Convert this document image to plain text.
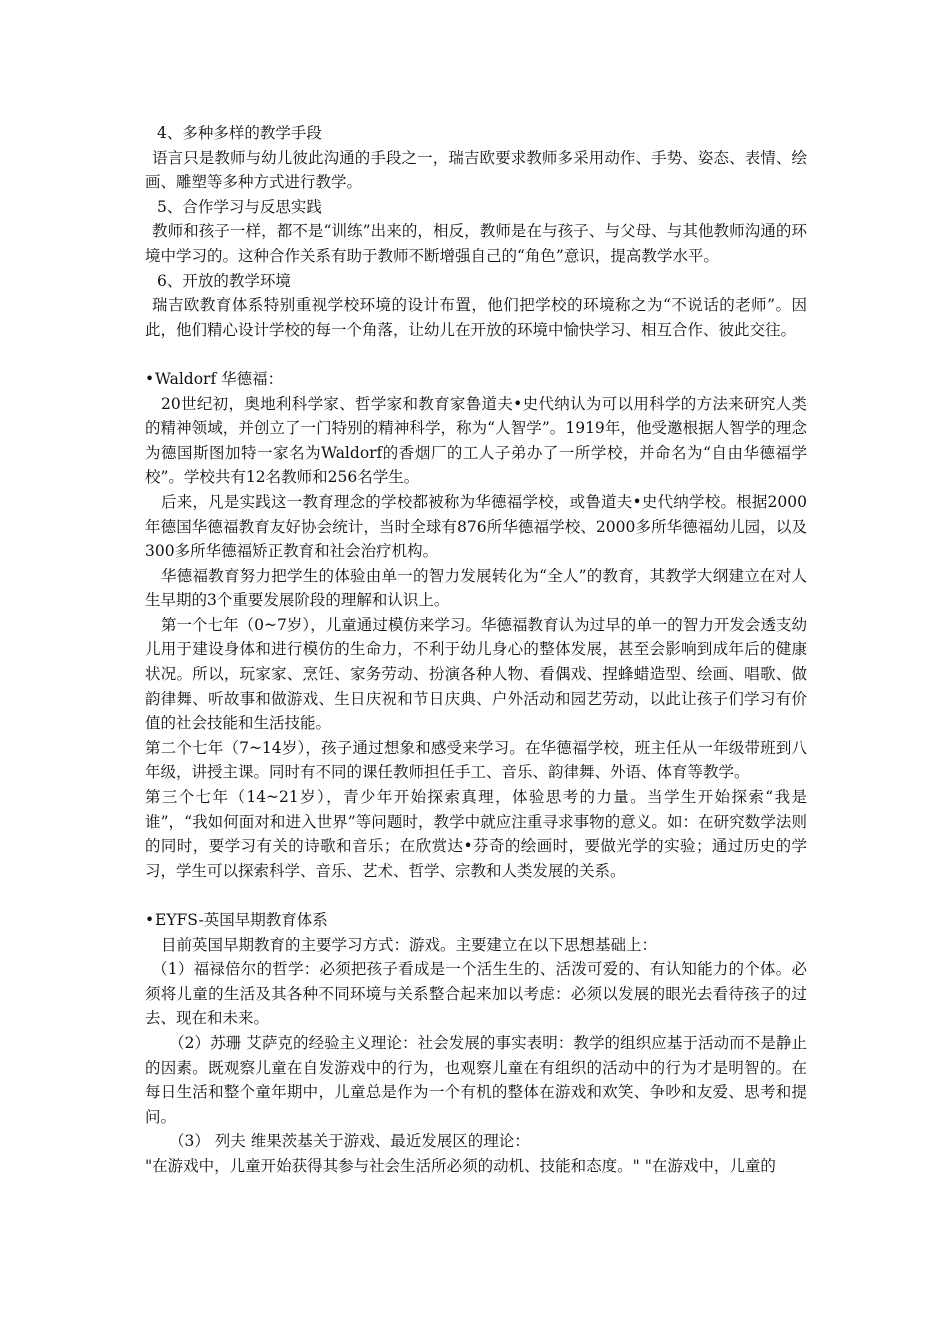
4、多种多样的教学手段

语言只是教师与幼儿彼此沟通的手段之一，瑞吉欧要求教师多采用动作、手势、姿态、表情、绘画、雕塑等多种方式进行教学。

5、合作学习与反思实践

教师和孩子一样，都不是“训练”出来的，相反，教师是在与孩子、与父母、与其他教师沟通的环境中学习的。这种合作关系有助于教师不断增强自己的“角色”意识，提高教学水平。

6、开放的教学环境

瑞吉欧教育体系特别重视学校环境的设计布置，他们把学校的环境称之为“不说话的老师”。因此，他们精心设计学校的每一个角落，让幼儿在开放的环境中愉快学习、相互合作、彼此交往。

•Waldorf 华德福：

20世纪初，奥地利科学家、哲学家和教育家鲁道夫•史代纳认为可以用科学的方法来研究人类的精神领域，并创立了一门特别的精神科学，称为“人智学”。1919年，他受邀根据人智学的理念为德国斯图加特一家名为Waldorf的香烟厂的工人子弟办了一所学校，并命名为“自由华德福学校”。学校共有12名教师和256名学生。

后来，凡是实践这一教育理念的学校都被称为华德福学校，或鲁道夫•史代纳学校。根据2000年德国华德福教育友好协会统计，当时全球有876所华德福学校、2000多所华德福幼儿园，以及300多所华德福矫正教育和社会治疗机构。

华德福教育努力把学生的体验由单一的智力发展转化为“全人”的教育，其教学大纲建立在对人生早期的3个重要发展阶段的理解和认识上。

第一个七年（0~7岁），儿童通过模仿来学习。华德福教育认为过早的单一的智力开发会透支幼儿用于建设身体和进行模仿的生命力，不利于幼儿身心的整体发展，甚至会影响到成年后的健康状况。所以，玩家家、烹饪、家务劳动、扮演各种人物、看偶戏、捏蜂蜡造型、绘画、唱歌、做韵律舞、听故事和做游戏、生日庆祝和节日庆典、户外活动和园艺劳动，以此让孩子们学习有价值的社会技能和生活技能。

第二个七年（7~14岁），孩子通过想象和感受来学习。在华德福学校，班主任从一年级带班到八年级，讲授主课。同时有不同的课任教师担任手工、音乐、韵律舞、外语、体育等教学。

第三个七年（14~21岁），青少年开始探索真理，体验思考的力量。当学生开始探索“我是谁”，“我如何面对和进入世界”等问题时，教学中就应注重寻求事物的意义。如：在研究数学法则的同时，要学习有关的诗歌和音乐；在欣赏达•芬奇的绘画时，要做光学的实验；通过历史的学习，学生可以探索科学、音乐、艺术、哲学、宗教和人类发展的关系。

•EYFS-英国早期教育体系

目前英国早期教育的主要学习方式：游戏。主要建立在以下思想基础上：

（1）福禄倍尔的哲学：必须把孩子看成是一个活生生的、活泼可爱的、有认知能力的个体。必须将儿童的生活及其各种不同环境与关系整合起来加以考虑：必须以发展的眼光去看待孩子的过去、现在和未来。

（2）苏珊 艾萨克的经验主义理论：社会发展的事实表明：教学的组织应基于活动而不是静止的因素。既观察儿童在自发游戏中的行为，也观察儿童在有组织的活动中的行为才是明智的。在每日生活和整个童年期中，儿童总是作为一个有机的整体在游戏和欢笑、争吵和友爱、思考和提问。

（3） 列夫 维果茨基关于游戏、最近发展区的理论：

"在游戏中，儿童开始获得其参与社会生活所必须的动机、技能和态度。" "在游戏中，儿童的
